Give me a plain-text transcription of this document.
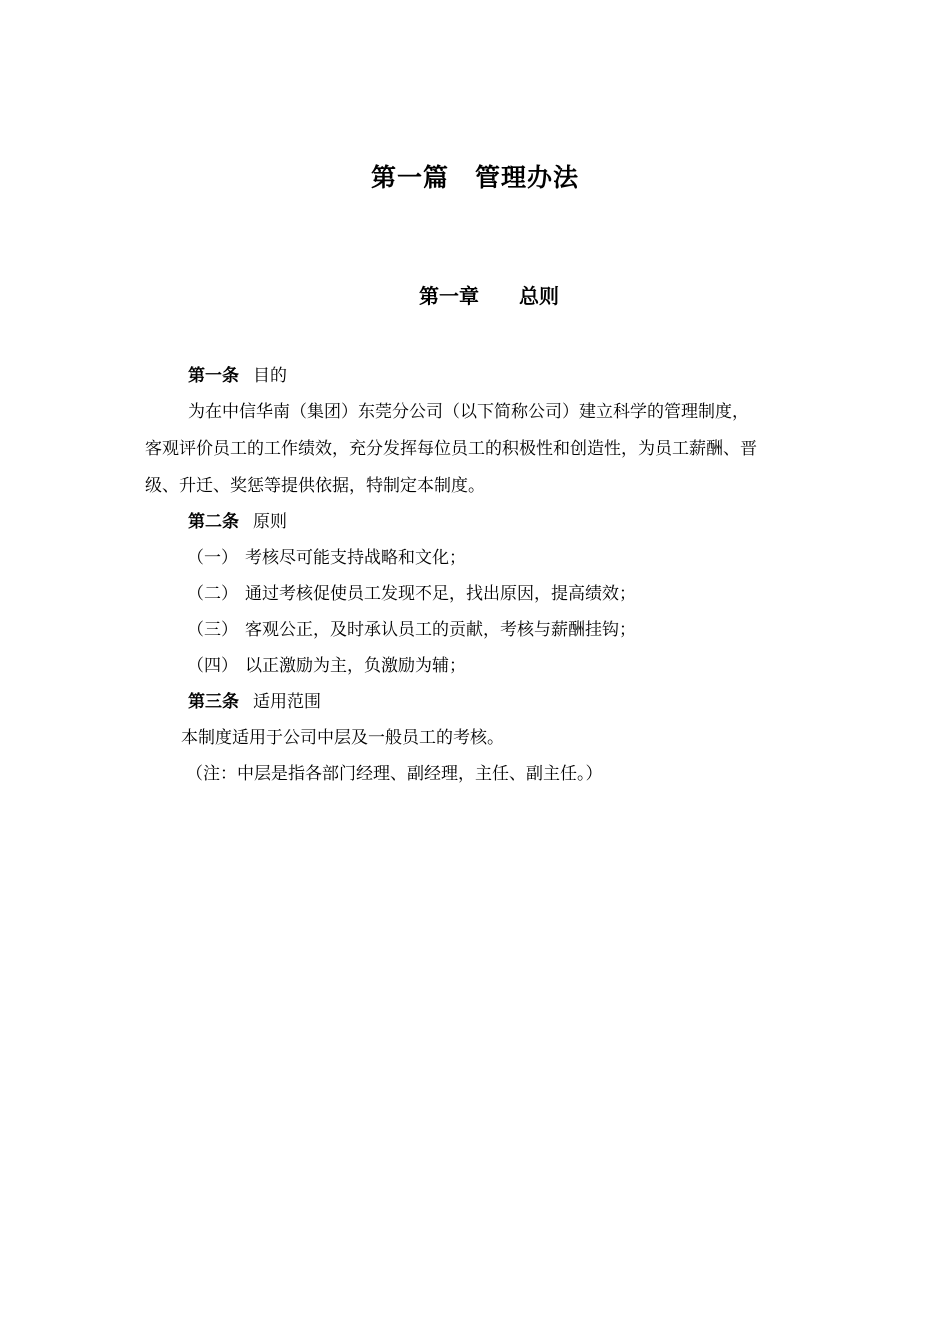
第一篇　管理办法
第一章　　总则
第一条 目的
为在中信华南（集团）东莞分公司（以下简称公司）建立科学的管理制度，
客观评价员工的工作绩效，充分发挥每位员工的积极性和创造性，为员工薪酬、晋
级、升迁、奖惩等提供依据，特制定本制度。
第二条 原则
（一） 考核尽可能支持战略和文化；
（二） 通过考核促使员工发现不足，找出原因，提高绩效；
（三） 客观公正，及时承认员工的贡献，考核与薪酬挂钩；
（四） 以正激励为主，负激励为辅；
第三条 适用范围
本制度适用于公司中层及一般员工的考核。
（注：中层是指各部门经理、副经理，主任、副主任。）
